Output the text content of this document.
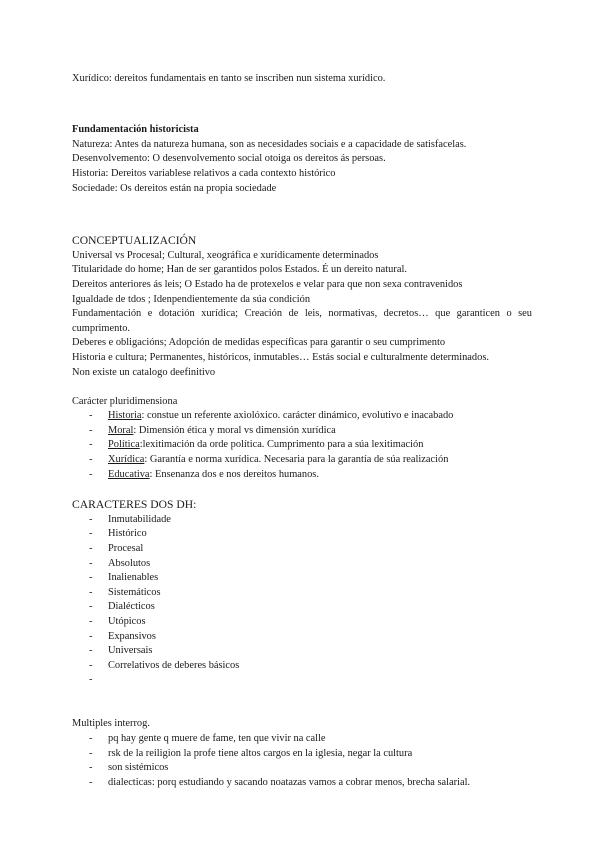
Xurídico: dereitos fundamentais en tanto se inscriben nun sistema xurídico.
Fundamentación historicista
Natureza: Antes da natureza humana, son as necesidades sociais e a capacidade de satisfacelas.
Desenvolvemento: O desenvolvemento social otoiga os dereitos ás persoas.
Historia: Dereitos variablese relativos a cada contexto histórico
Sociedade: Os dereitos están na propia sociedade
CONCEPTUALIZACIÓN
Universal vs Procesal; Cultural, xeográfica e xurídicamente determinados
Titularidade do home; Han de ser garantidos polos Estados. É un dereito natural.
Dereitos anteriores ás leis; O Estado ha de protexelos e velar para que non sexa contravenidos
Igualdade de tdos ; Idenpendientemente da súa condición
Fundamentación e dotación xurídica; Creación de leis, normativas, decretos… que garanticen o seu cumprimento.
Deberes e obligacións; Adopción de medidas específicas para garantir o seu cumprimento
Historia e cultura; Permanentes, históricos, inmutables… Estás social e culturalmente determinados.
Non existe un catalogo deefinitivo
Carácter pluridimensiona
- Historia: constue un referente axiolóxico. carácter dinámico, evolutivo e inacabado
- Moral: Dimensión ética y moral vs dimensión xurídica
- Política:lexitimación da orde política. Cumprimento para a súa lexitimación
- Xurídica: Garantía e norma xurídica. Necesaria para la garantía de súa realización
- Educativa: Ensenanza dos e nos dereitos humanos.
CARACTERES DOS DH:
- Inmutabilidade
- Histórico
- Procesal
- Absolutos
- Inalienables
- Sistemáticos
- Dialécticos
- Utópicos
- Expansivos
- Universais
- Correlativos de deberes básicos
Multiples interrog.
- pq hay gente q muere de fame, ten que vivir na calle
- rsk de la reiligion la profe tiene altos cargos en la iglesia, negar la cultura
- son sistémicos
- dialecticas: porq estudiando y sacando noatazas vamos a cobrar menos, brecha salarial.
